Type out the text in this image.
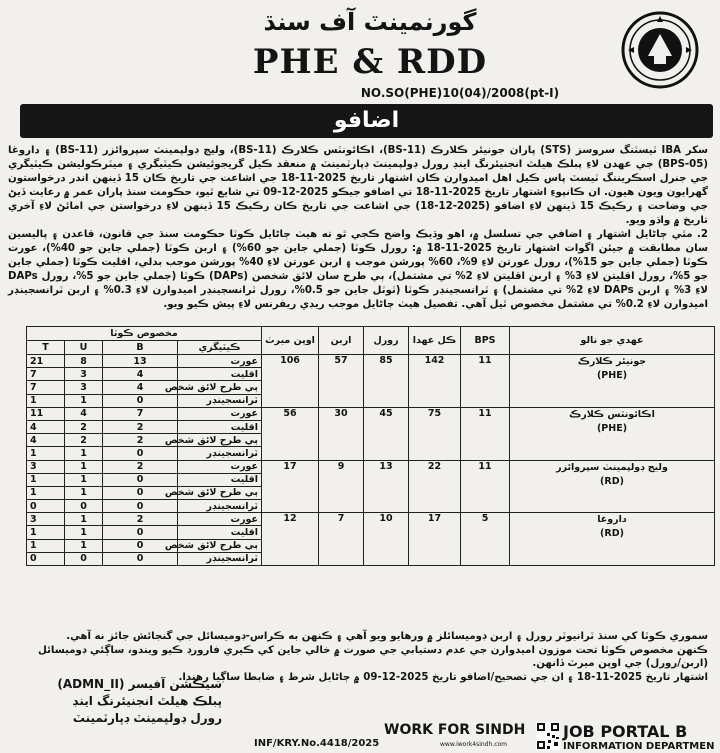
گورنمينٽ آف سنڌ
PHE & RDD
NO.SO(PHE)10(04)/2008(pt-I)
اضافو
سکر IBA ٽيسٽنگ سروسز (STS) پاران جونيئر ڪلارڪ (BS-11)، اڪائونٽس ڪلارڪ (BS-11)، وليج ڊولپمينٽ سپروائزر (BS-11) ۽ داروغا (BPS-05) جي عهدن لاءِ پبلڪ هيلٿ انجنيئرنگ اينڊ رورل ڊولپمينٽ ڊپارٽمينٽ ۾ منعقد ڪيل گريجوئيشن ڪيٽيگري ۽ ميٽرڪوليشن ڪيٽيگري جي جنرل اسڪريننگ ٽيسٽ پاس ڪيل اهل اميدوارن ڪان اشتهار تاريخ 2025-11-18 جي اشاعت جي تاريخ ڪان 15 ڏينهن اندر درخواستون گهرايون ويون هيون. ان ڪانپوءِ اشتهار تاريخ 2025-11-18 تي اضافو جيڪو 2025-12-09 تي شايع ٿيو، حڪومت سنڌ پاران عمر ۾ رعايت ڏيڻ جي وضاحت ۽ رڪيڪ 15 ڏينهن لاءِ اضافو (2025-12-18) جي اشاعت جي تاريخ ڪان رڪيڪ 15 ڏينهن لاءِ درخواستن جي امائڻ لاءِ آخري تاريخ ۾ واڌو ويو.
2. مٿي ڄاڻايل اشتهار ۽ اضافي جي تسلسل ۾، اهو وڌيڪ واضح ڪجي ٿو ته هيٺ ڄاڻايل ڪوٽا حڪومت سنڌ جي قانون، قاعدن ۽ پاليسين سان مطابقت ۾ جيئن اگوات اشتهار تاريخ 2025-11-18 ۾: رورل ڪوٽا (جملي جاين جو 60%) ۽ اربن ڪوٽا (جملي جاين جو 40%)، عورت ڪوٽا (جملي جاين جو 15%)، رورل عورتن لاءِ 9%، 60% پورشن موجب ۽ اربن عورتن لاءِ 40% پورشن موجب بدلي، اقليت ڪوٽا (جملي جاين جو 5%، رورل اقليتن لاءِ 3% ۽ اربن اقليتن لاءِ 2% تي مشتمل)، ٻي طرح سان لائق شخصن (DAPs) ڪوٽا (جملي جاين جو 5%، رورل DAPs لاءِ 3% ۽ اربن DAPs لاءِ 2% تي مشتمل) ۽ ٽرانسجينڊر ڪوٽا (ٽوٽل جاين جو 0.5%، رورل ٽرانسجينڊر اميدوارن لاءِ 0.3% ۽ اربن ٽرانسجينڊر اميدوارن لاءِ 0.2% تي مشتمل مخصوص ٿيل آهي. تفصيل هيٺ ڄاڻايل موجب ريڊي ريفرنس لاءِ پيش ڪيو ويو.
مخصوص ڪوٽا				اوپن ميرٽ	اربن	رورل	ڪل عهدا	BPS	عهدي جو نالو
T	U	B	ڪيٽيگري						
21	8	13	عورت	106	57	85	142	11	جونيئر ڪلارڪ
(PHE)

7	3	4	اقليت						
7	3	4	ٻي طرح لائق شخص						
1	1	0	ٽرانسجينڊر						
11	4	7	عورت	56	30	45	75	11	اڪائونٽس ڪلارڪ
(PHE)

4	2	2	اقليت						
4	2	2	ٻي طرح لائق شخص						
1	1	0	ٽرانسجينڊر						
3	1	2	عورت	17	9	13	22	11	وليج ڊولپمينٽ سپروائزر
(RD)

1	1	0	اقليت						
1	1	0	ٻي طرح لائق شخص						
0	0	0	ٽرانسجينڊر						
3	1	2	عورت	12	7	10	17	5	داروغا
(RD)

1	1	0	اقليت						
1	1	0	ٻي طرح لائق شخص						
0	0	0	ٽرانسجينڊر						
سموري ڪوٽا کي سنڌ ٽرانيوٽر رورل ۽ اربن ڊوميسائلز ۾ ورهايو ويو آهي ۽ ڪنهن به ڪراس-ڊوميسائل جي گنجائش جائز نه آهي.
ڪنهن مخصوص ڪوٽا تحت موزون اميدوارن جي عدم دستيابي جي صورت ۾ خالي جاين کي ڪيري فارورڊ ڪيو ويندو، ساڳئي ڊوميسائل (اربن/رورل) جي اوپن ميرٽ ڏانهن.
اشتهار تاريخ 2025-11-18 ۽ ان جي تصحيح/اضافو تاريخ 2025-12-09 ۾ ڄاڻايل شرط ۽ ضابطا ساڳيا رهندا.
سيڪشن آفيسر (ADMN_II)
پبلڪ هيلٿ انجنيئرنگ اينڊ
رورل ڊولپمينٽ ڊپارٽمينٽ
INF/KRY.No.4418/2025
WORK FOR SINDH
www.iwork4sindh.com
JOB PORTAL B
INFORMATION DEPARTMEN
